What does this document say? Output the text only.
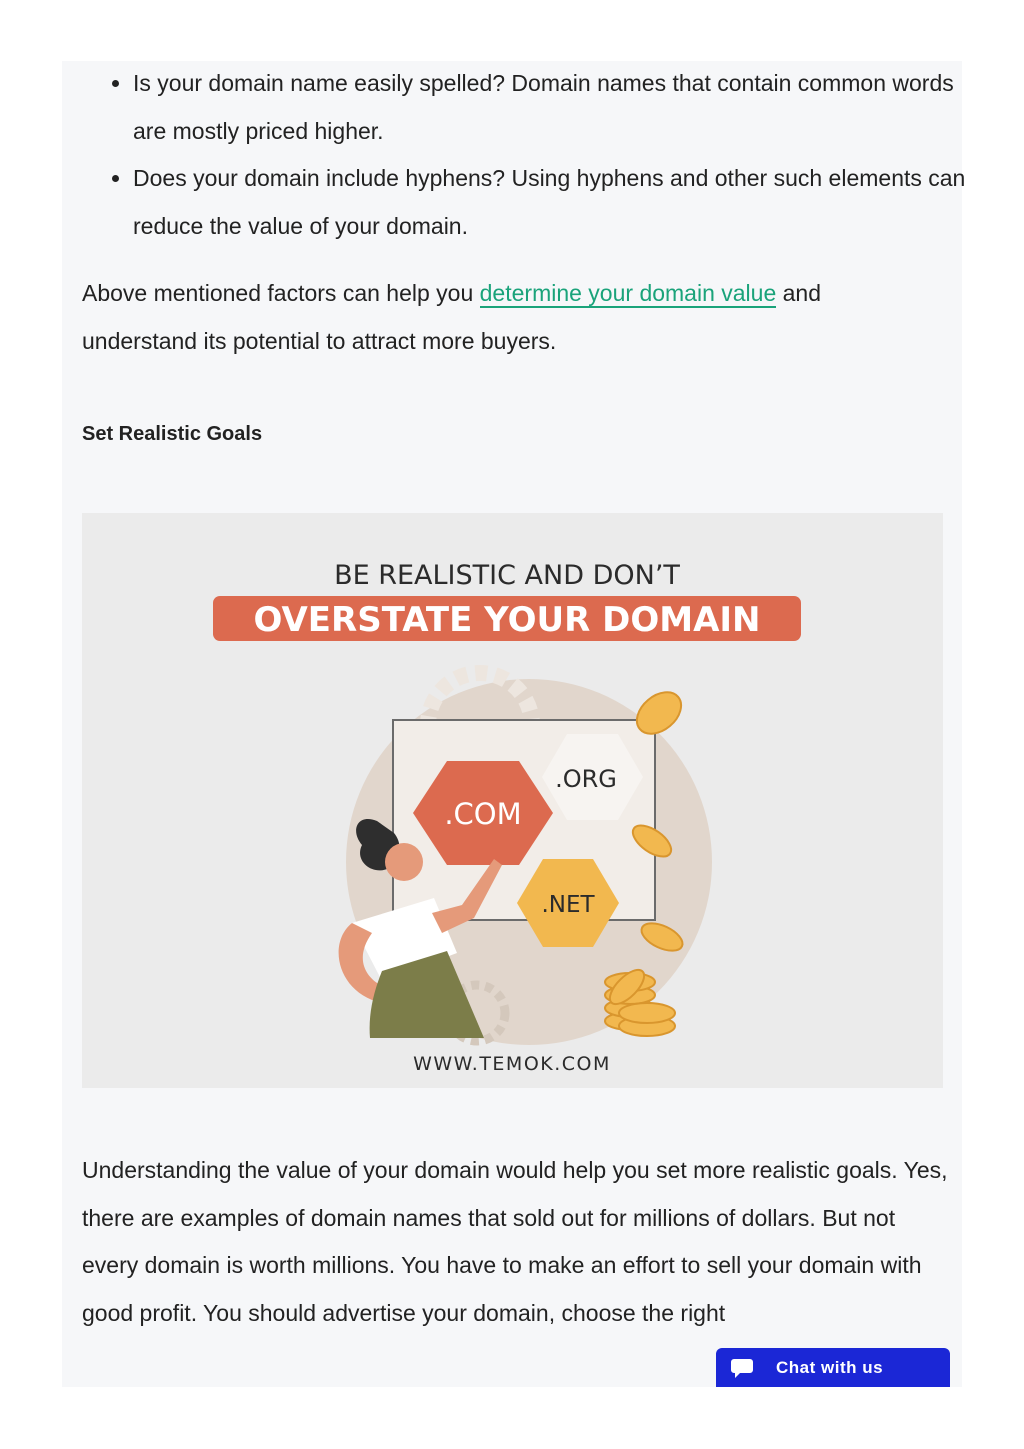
• Is your domain name easily spelled? Domain names that contain common words are mostly priced higher.
• Does your domain include hyphens? Using hyphens and other such elements can reduce the value of your domain.

Above mentioned factors can help you determine your domain value and understand its potential to attract more buyers.

Set Realistic Goals
BE REALISTIC AND DON’T
OVERSTATE YOUR DOMAIN
.COM
.ORG
.NET
WWW.TEMOK.COM

Understanding the value of your domain would help you set more realistic goals. Yes, there are examples of domain names that sold out for millions of dollars. But not every domain is worth millions. You have to make an effort to sell your domain with good profit. You should advertise your domain, choose the right

Chat with us
